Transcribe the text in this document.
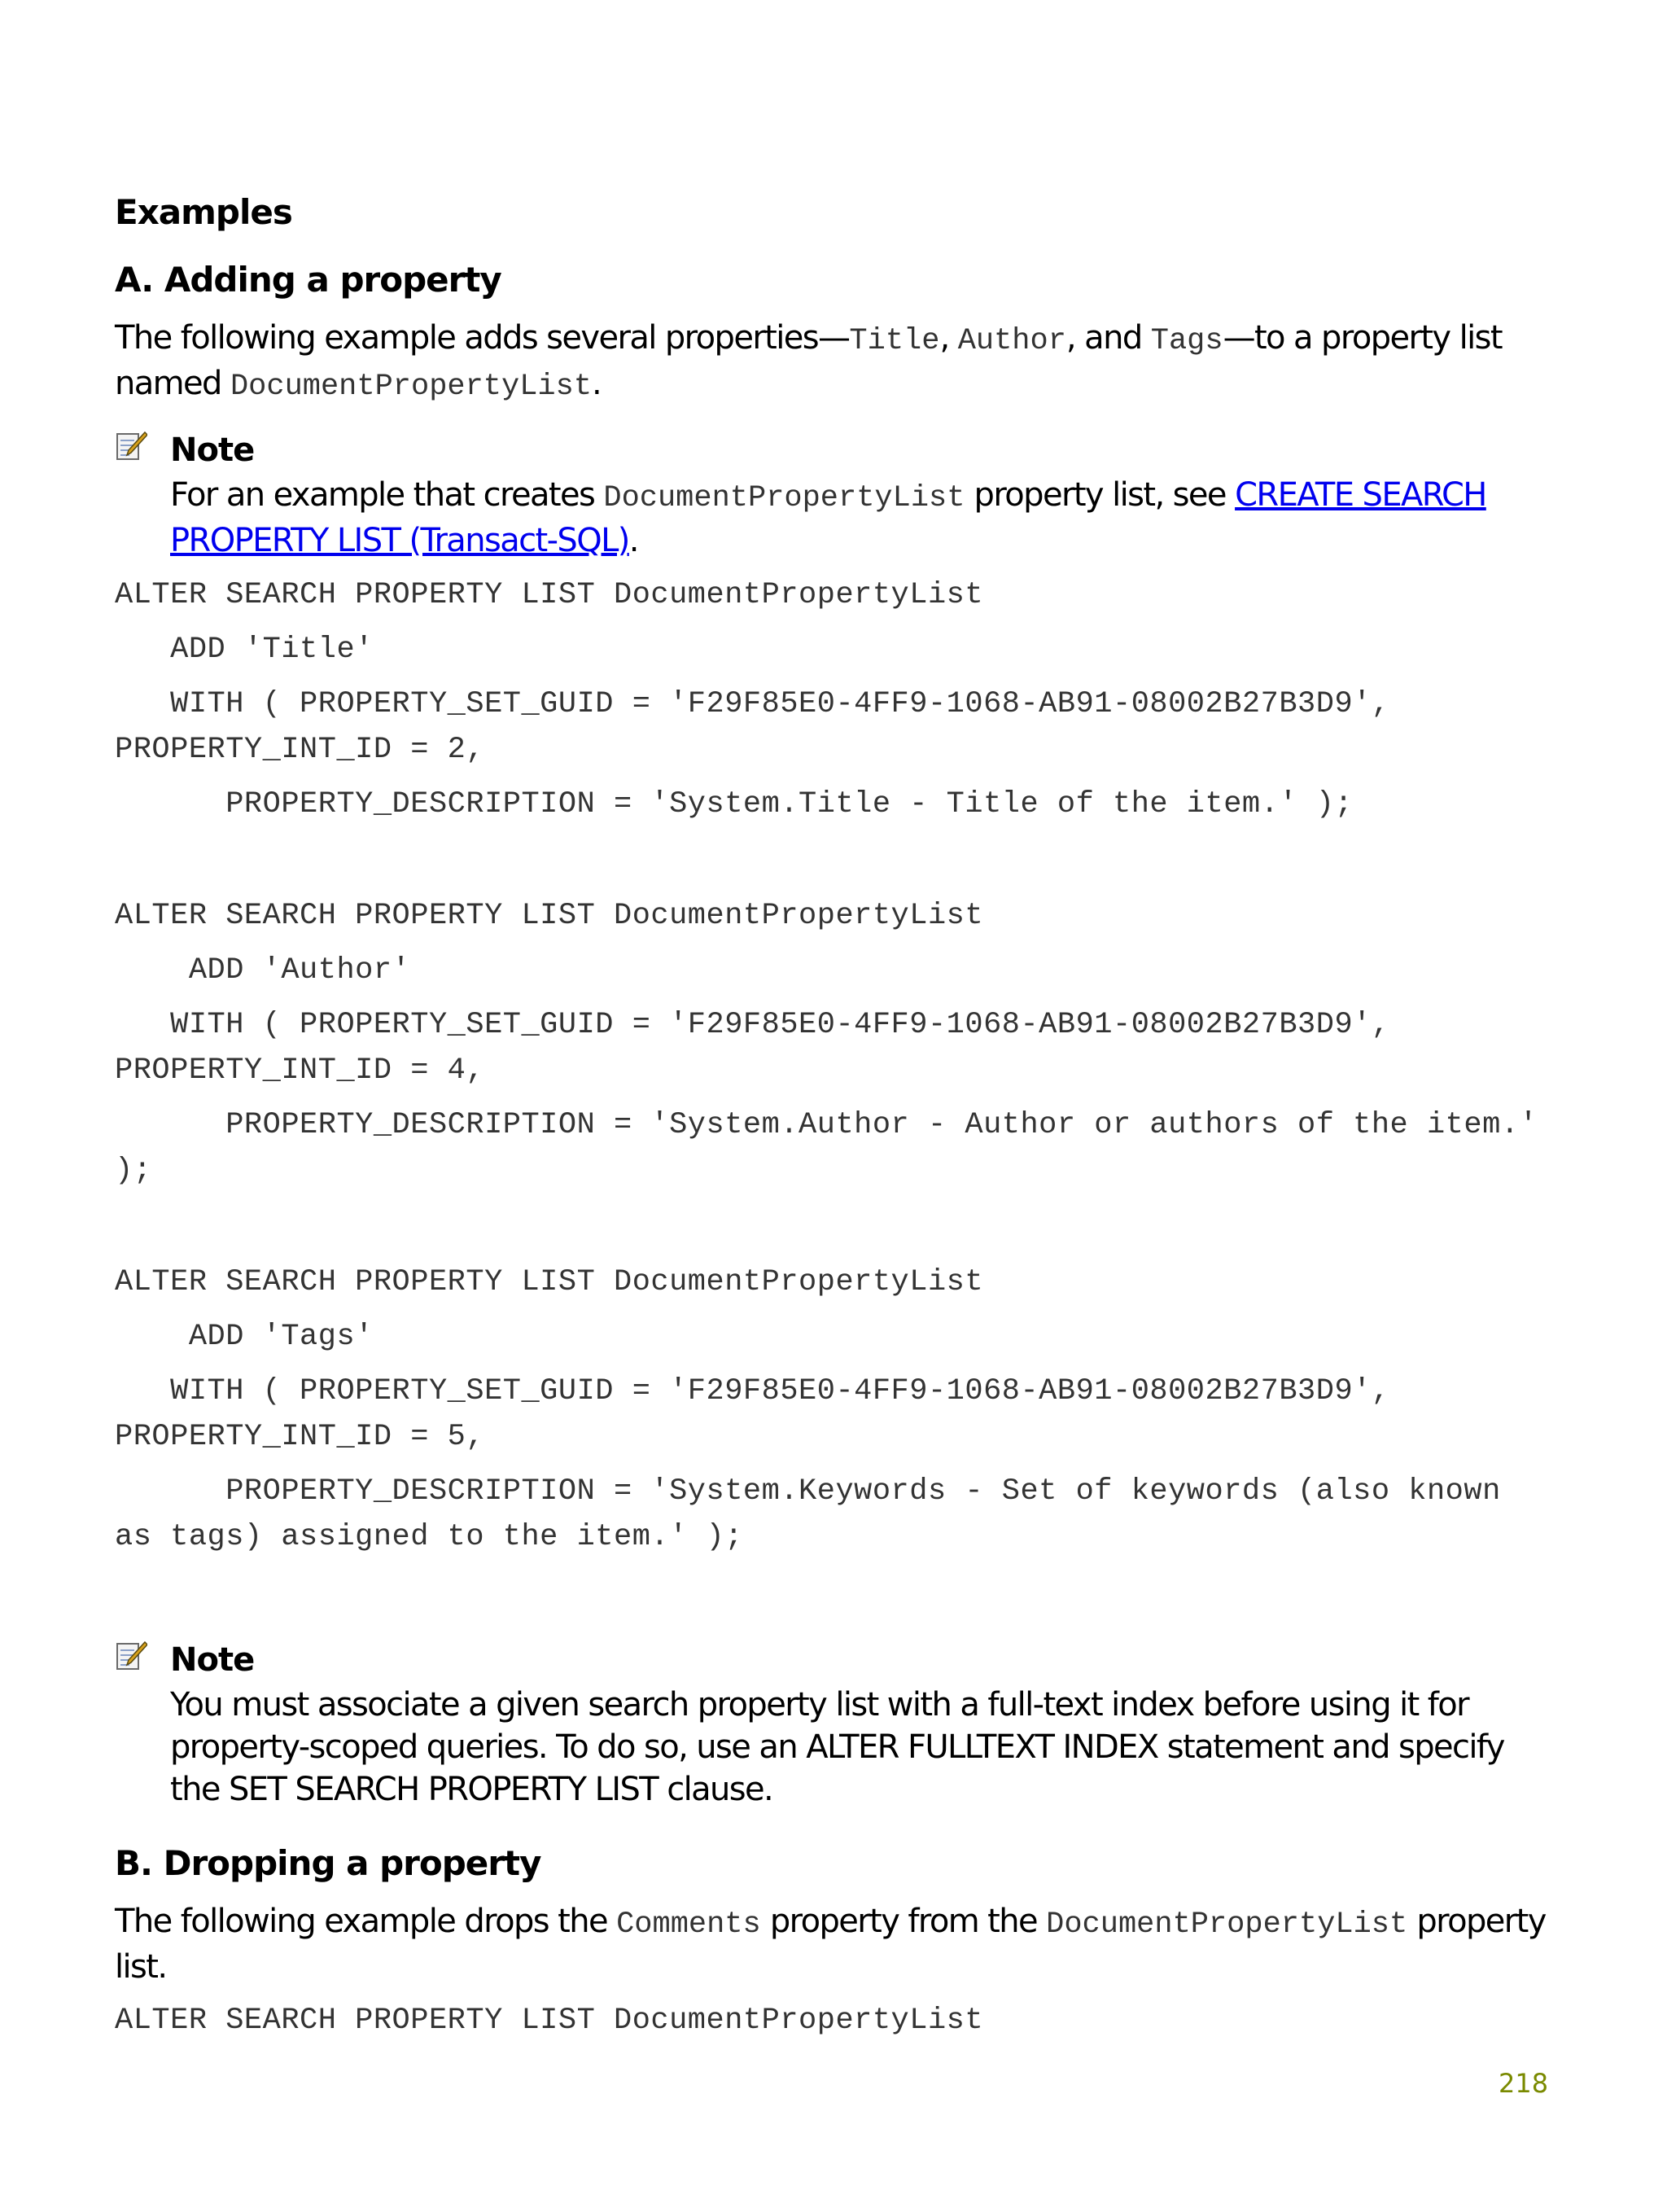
Examples
A. Adding a property
The following example adds several properties—Title, Author, and Tags—to a property list named DocumentPropertyList.
Note
For an example that creates DocumentPropertyList property list, see CREATE SEARCH PROPERTY LIST (Transact-SQL).
ALTER SEARCH PROPERTY LIST DocumentPropertyList
ADD 'Title'
WITH ( PROPERTY_SET_GUID = 'F29F85E0-4FF9-1068-AB91-08002B27B3D9',
PROPERTY_INT_ID = 2,
PROPERTY_DESCRIPTION = 'System.Title - Title of the item.' );
ALTER SEARCH PROPERTY LIST DocumentPropertyList
ADD 'Author'
WITH ( PROPERTY_SET_GUID = 'F29F85E0-4FF9-1068-AB91-08002B27B3D9',
PROPERTY_INT_ID = 4,
PROPERTY_DESCRIPTION = 'System.Author - Author or authors of the item.'
);
ALTER SEARCH PROPERTY LIST DocumentPropertyList
ADD 'Tags'
WITH ( PROPERTY_SET_GUID = 'F29F85E0-4FF9-1068-AB91-08002B27B3D9',
PROPERTY_INT_ID = 5,
PROPERTY_DESCRIPTION = 'System.Keywords - Set of keywords (also known
as tags) assigned to the item.' );
Note
You must associate a given search property list with a full-text index before using it for property-scoped queries. To do so, use an ALTER FULLTEXT INDEX statement and specify the SET SEARCH PROPERTY LIST clause.
B. Dropping a property
The following example drops the Comments property from the DocumentPropertyList property list.
ALTER SEARCH PROPERTY LIST DocumentPropertyList
218
